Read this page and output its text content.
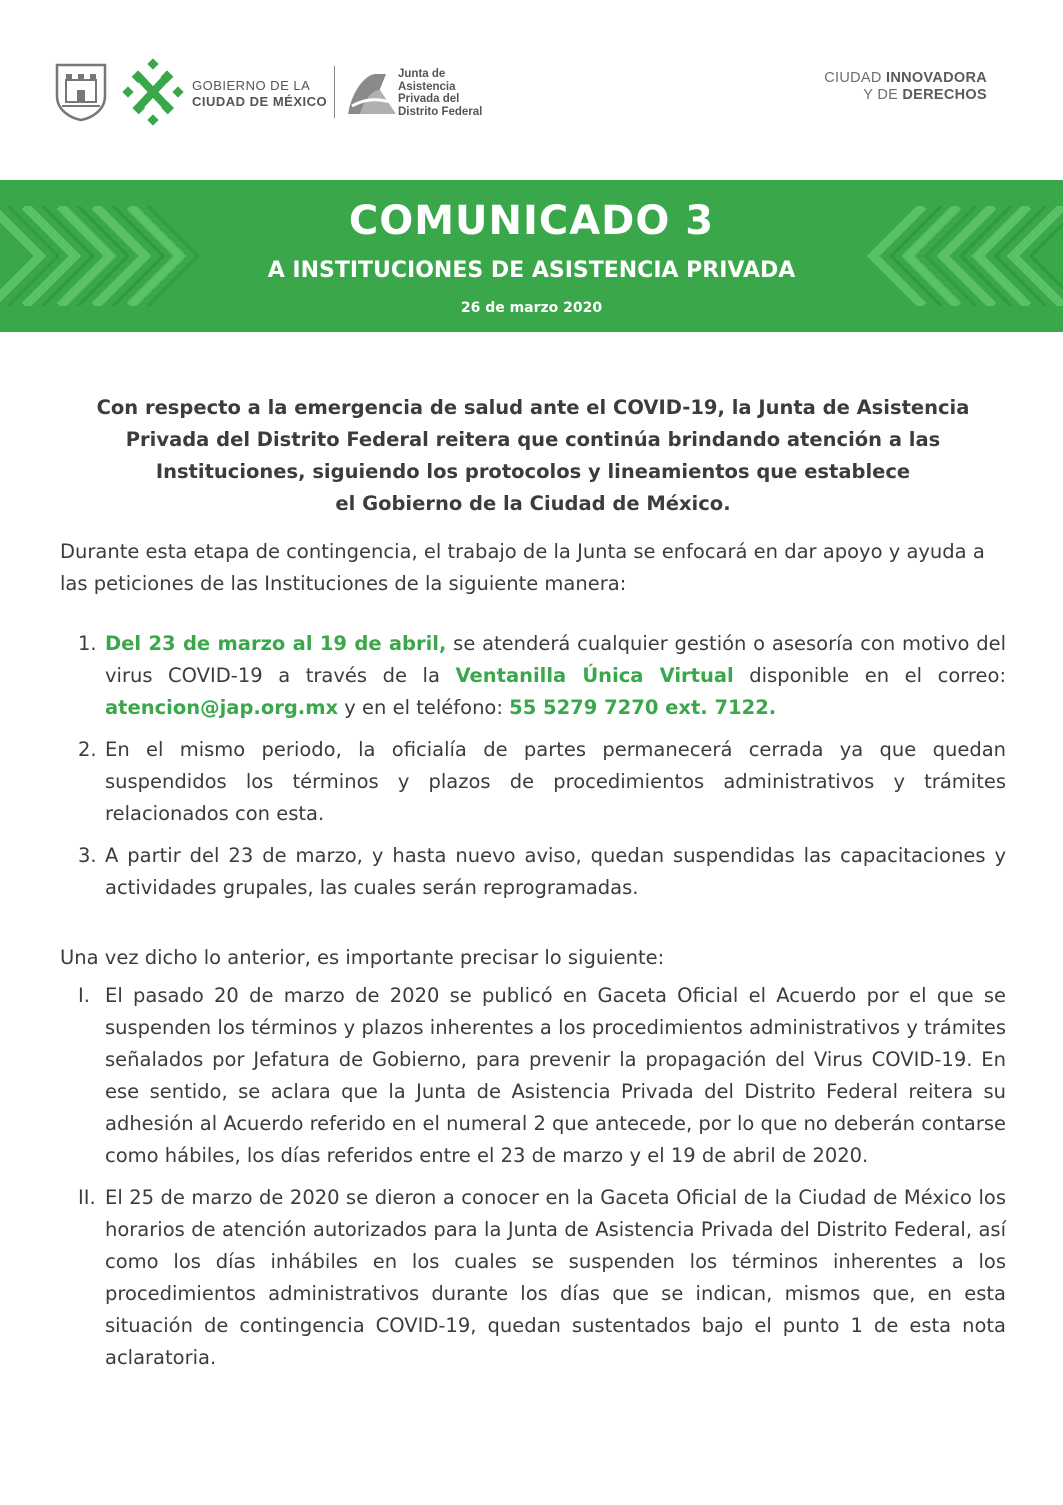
GOBIERNO DE LA
CIUDAD DE MÉXICO
Junta de
Asistencia
Privada del
Distrito Federal
CIUDAD INNOVADORA
Y DE DERECHOS
COMUNICADO 3
A INSTITUCIONES DE ASISTENCIA PRIVADA
26 de marzo 2020

Con respecto a la emergencia de salud ante el COVID-19, la Junta de Asistencia Privada del Distrito Federal reitera que continúa brindando atención a las Instituciones, siguiendo los protocolos y lineamientos que establece
el Gobierno de la Ciudad de México.

Durante esta etapa de contingencia, el trabajo de la Junta se enfocará en dar apoyo y ayuda a las peticiones de las Instituciones de la siguiente manera:

1. Del 23 de marzo al 19 de abril, se atenderá cualquier gestión o asesoría con motivo del virus COVID-19 a través de la Ventanilla Única Virtual disponible en el correo: atencion@jap.org.mx y en el teléfono: 55 5279 7270 ext. 7122.
2. En el mismo periodo, la oficialía de partes permanecerá cerrada ya que quedan suspendidos los términos y plazos de procedimientos administrativos y trámites relacionados con esta.
3. A partir del 23 de marzo, y hasta nuevo aviso, quedan suspendidas las capacitaciones y actividades grupales, las cuales serán reprogramadas.

Una vez dicho lo anterior, es importante precisar lo siguiente:

I. El pasado 20 de marzo de 2020 se publicó en Gaceta Oficial el Acuerdo por el que se suspenden los términos y plazos inherentes a los procedimientos administrativos y trámites señalados por Jefatura de Gobierno, para prevenir la propagación del Virus COVID-19. En ese sentido, se aclara que la Junta de Asistencia Privada del Distrito Federal reitera su adhesión al Acuerdo referido en el numeral 2 que antecede, por lo que no deberán contarse como hábiles, los días referidos entre el 23 de marzo y el 19 de abril de 2020.
II. El 25 de marzo de 2020 se dieron a conocer en la Gaceta Oficial de la Ciudad de México los horarios de atención autorizados para la Junta de Asistencia Privada del Distrito Federal, así como los días inhábiles en los cuales se suspenden los términos inherentes a los procedimientos administrativos durante los días que se indican, mismos que, en esta situación de contingencia COVID-19, quedan sustentados bajo el punto 1 de esta nota aclaratoria.
